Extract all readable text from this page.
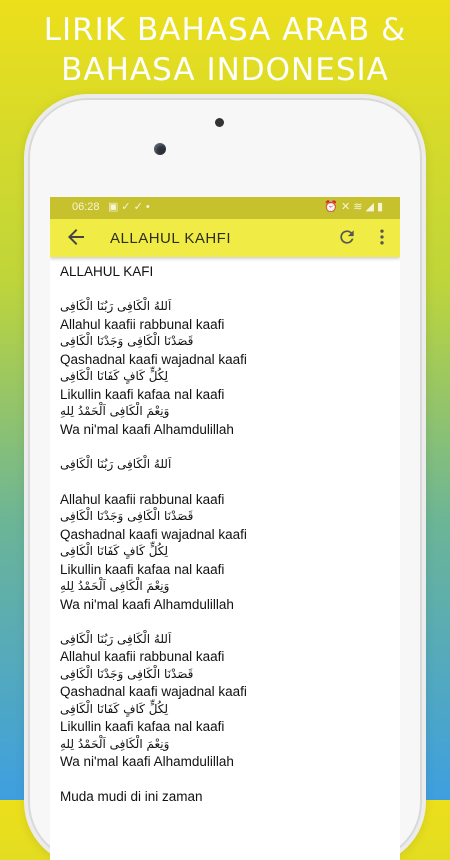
LIRIK BAHASA ARAB &
BAHASA INDONESIA
06:28 ▣✓✓•	⏰✕≋◢▮
ALLAHUL KAHFI

ALLAHUL KAFI

اَللهُ الْكَافِى رَبُنَا الْكَافِى

Allahul kaafii rabbunal kaafi

قَصَدْنَا الْكَافِى وَجَدْنَا الْكَافِى

Qashadnal kaafi wajadnal kaafi

لِكُلٍّ كَافٍ كَفَانَا الْكَافِى

Likullin kaafi kafaa nal kaafi

وَنِعْمَ الْكَافِى اَلْحَمْدُ لِلهِ

Wa ni'mal kaafi Alhamdulillah

اَللهُ الْكَافِى رَبُنَا الْكَافِى

Allahul kaafii rabbunal kaafi

قَصَدْنَا الْكَافِى وَجَدْنَا الْكَافِى

Qashadnal kaafi wajadnal kaafi

لِكُلٍّ كَافٍ كَفَانَا الْكَافِى

Likullin kaafi kafaa nal kaafi

وَنِعْمَ الْكَافِى اَلْحَمْدُ لِلهِ

Wa ni'mal kaafi Alhamdulillah

اَللهُ الْكَافِى رَبُنَا الْكَافِى

Allahul kaafii rabbunal kaafi

قَصَدْنَا الْكَافِى وَجَدْنَا الْكَافِى

Qashadnal kaafi wajadnal kaafi

لِكُلٍّ كَافٍ كَفَانَا الْكَافِى

Likullin kaafi kafaa nal kaafi

وَنِعْمَ الْكَافِى اَلْحَمْدُ لِلهِ

Wa ni'mal kaafi Alhamdulillah

Muda mudi di ini zaman
